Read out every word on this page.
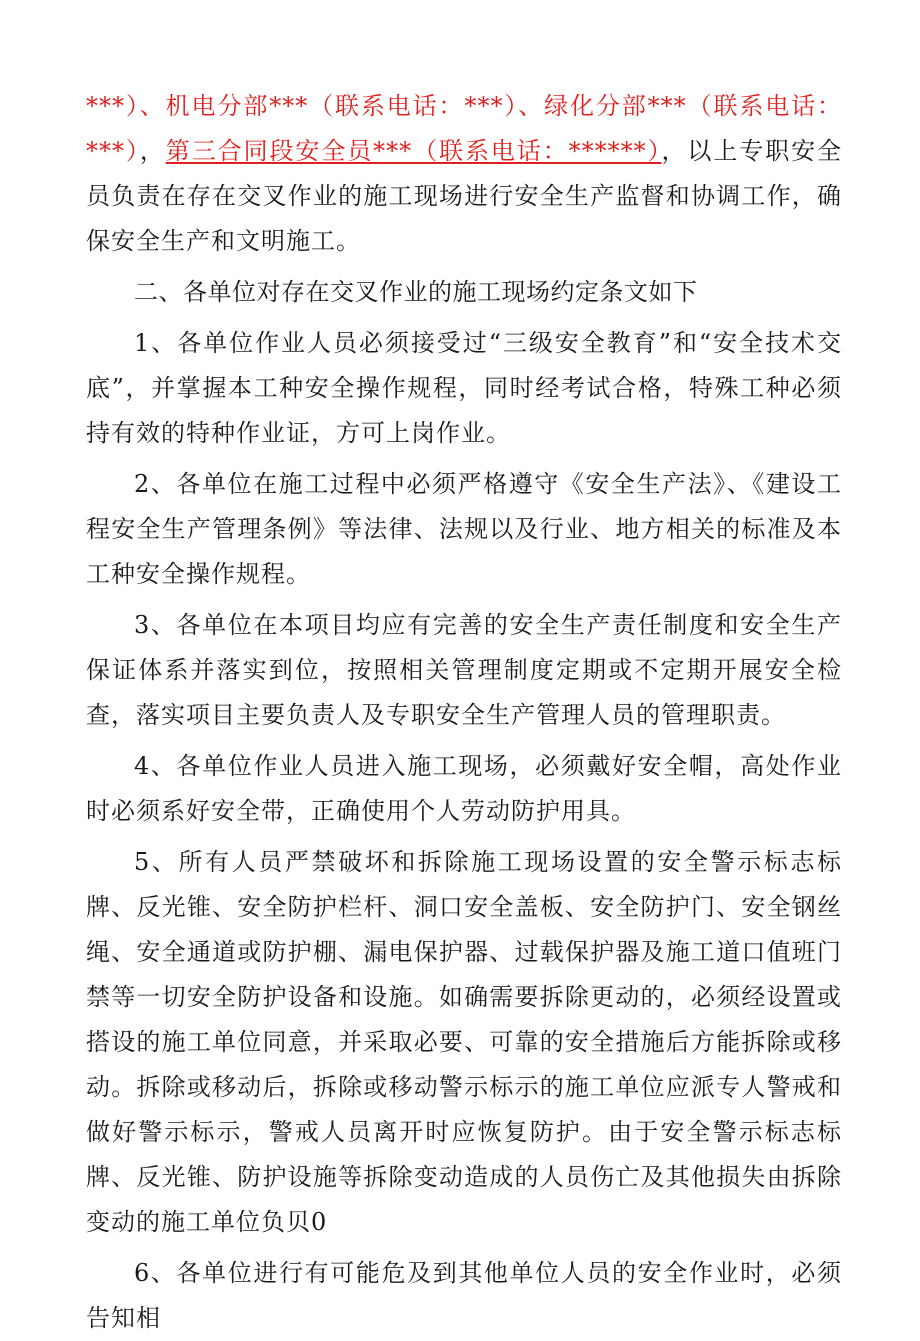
***）、机电分部***（联系电话：***）、绿化分部***（联系电话：***），第三合同段安全员***（联系电话：******），以上专职安全员负责在存在交叉作业的施工现场进行安全生产监督和协调工作，确保安全生产和文明施工。

二、各单位对存在交叉作业的施工现场约定条文如下

1、各单位作业人员必须接受过“三级安全教育”和“安全技术交底”，并掌握本工种安全操作规程，同时经考试合格，特殊工种必须持有效的特种作业证，方可上岗作业。

2、各单位在施工过程中必须严格遵守《安全生产法》、《建设工程安全生产管理条例》等法律、法规以及行业、地方相关的标准及本工种安全操作规程。

3、各单位在本项目均应有完善的安全生产责任制度和安全生产保证体系并落实到位，按照相关管理制度定期或不定期开展安全检查，落实项目主要负责人及专职安全生产管理人员的管理职责。

4、各单位作业人员进入施工现场，必须戴好安全帽，高处作业时必须系好安全带，正确使用个人劳动防护用具。

5、所有人员严禁破坏和拆除施工现场设置的安全警示标志标牌、反光锥、安全防护栏杆、洞口安全盖板、安全防护门、安全钢丝绳、安全通道或防护棚、漏电保护器、过载保护器及施工道口值班门禁等一切安全防护设备和设施。如确需要拆除更动的，必须经设置或搭设的施工单位同意，并采取必要、可靠的安全措施后方能拆除或移动。拆除或移动后，拆除或移动警示标示的施工单位应派专人警戒和做好警示标示，警戒人员离开时应恢复防护。由于安全警示标志标牌、反光锥、防护设施等拆除变动造成的人员伤亡及其他损失由拆除变动的施工单位负贝0

6、各单位进行有可能危及到其他单位人员的安全作业时，必须告知相
